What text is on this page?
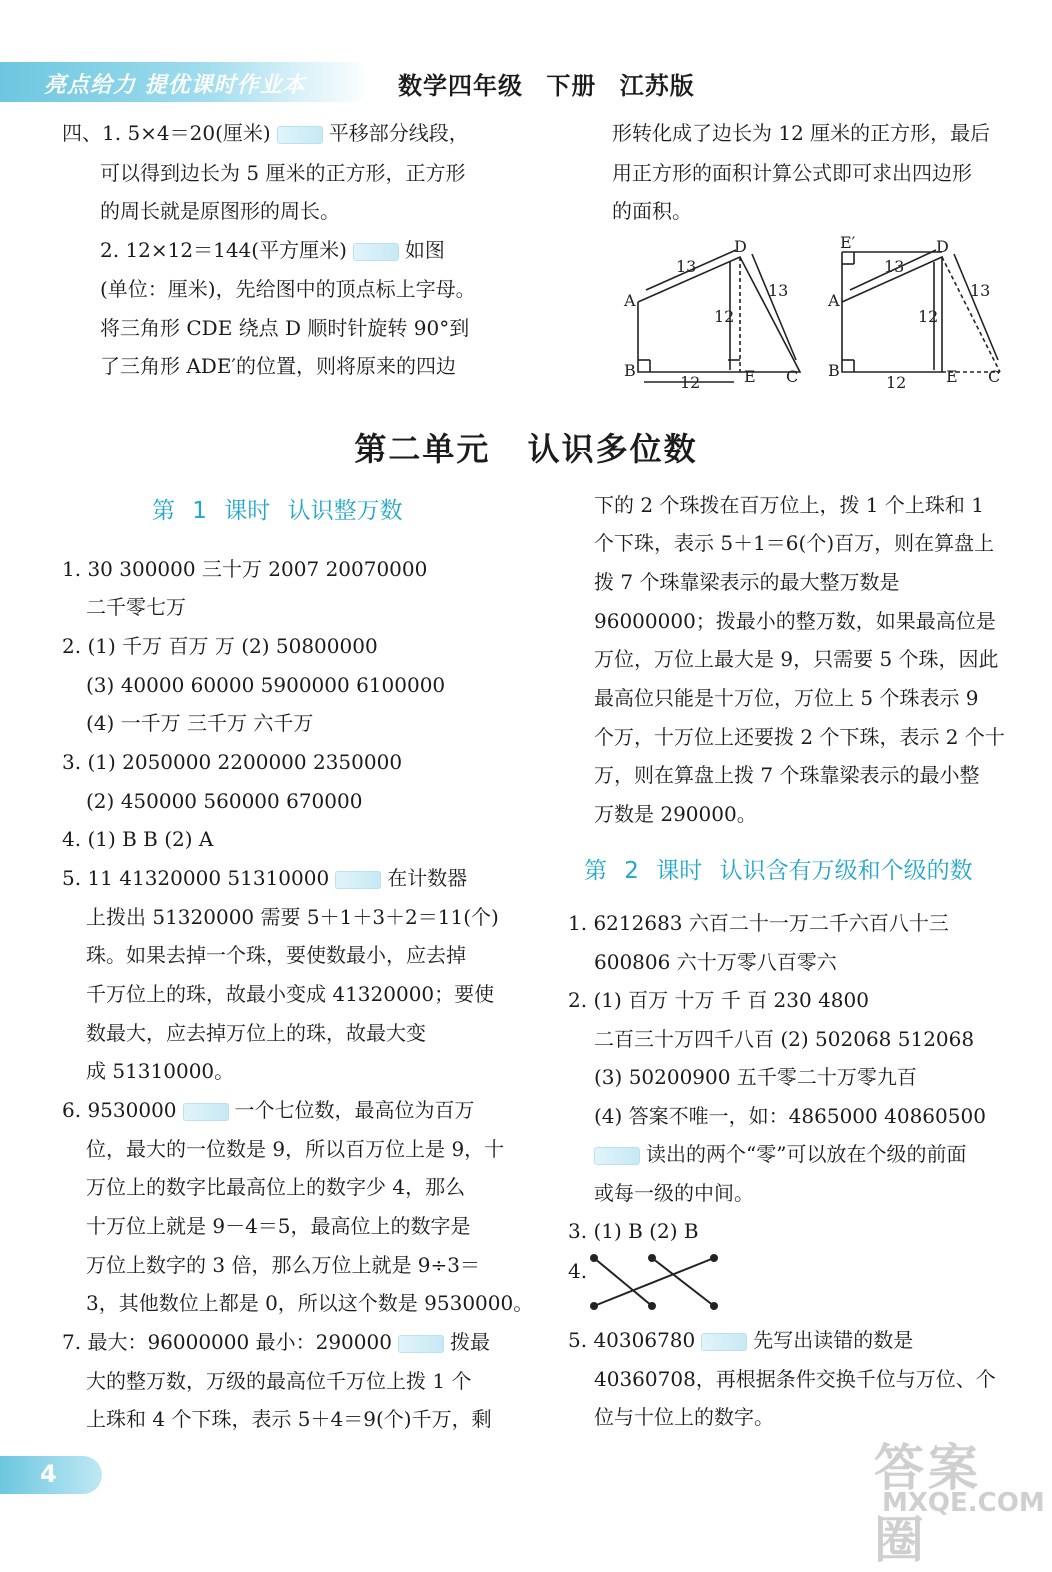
亮点给力 提优课时作业本	数学四年级 下册 江苏版
四、1. 5×4＝20(厘米)	平移部分线段，
可以得到边长为 5 厘米的正方形，正方形
的周长就是原图形的周长。
2. 12×12＝144(平方厘米)	如图
(单位：厘米)，先给图中的顶点标上字母。
将三角形 CDE 绕点 D 顺时针旋转 90°到
了三角形 ADE′的位置，则将原来的四边
形转化成了边长为 12 厘米的正方形，最后
用正方形的面积计算公式即可求出四边形
的面积。
A
B
D
E C
13
12
12
13
A
B
E′	D
E C
13
12
12
13
第二单元 认识多位数
第 1 课时 认识整万数
1. 30 300000 三十万 2007 20070000
二千零七万
2. (1) 千万 百万 万 (2) 50800000
(3) 40000 60000 5900000 6100000
(4) 一千万 三千万 六千万
3. (1) 2050000 2200000 2350000
(2) 450000 560000 670000
4. (1) B B (2) A
5. 11 41320000 51310000	在计数器
上拨出 51320000 需要 5＋1＋3＋2＝11(个)
珠。如果去掉一个珠，要使数最小，应去掉
千万位上的珠，故最小变成 41320000；要使
数最大，应去掉万位上的珠，故最大变
成 51310000。
6. 9530000	一个七位数，最高位为百万
位，最大的一位数是 9，所以百万位上是 9，十
万位上的数字比最高位上的数字少 4，那么
十万位上就是 9－4＝5，最高位上的数字是
万位上数字的 3 倍，那么万位上就是 9÷3＝
3，其他数位上都是 0，所以这个数是 9530000。
7. 最大：96000000 最小：290000	拨最
大的整万数，万级的最高位千万位上拨 1 个
上珠和 4 个下珠，表示 5＋4＝9(个)千万，剩
下的 2 个珠拨在百万位上，拨 1 个上珠和 1
个下珠，表示 5＋1＝6(个)百万，则在算盘上
拨 7 个珠靠梁表示的最大整万数是
96000000；拨最小的整万数，如果最高位是
万位，万位上最大是 9，只需要 5 个珠，因此
最高位只能是十万位，万位上 5 个珠表示 9
个万，十万位上还要拨 2 个下珠，表示 2 个十
万，则在算盘上拨 7 个珠靠梁表示的最小整
万数是 290000。
第 2 课时 认识含有万级和个级的数
1. 6212683 六百二十一万二千六百八十三
600806 六十万零八百零六
2. (1) 百万 十万 千 百 230 4800
二百三十万四千八百 (2) 502068 512068
(3) 50200900 五千零二十万零九百
(4) 答案不唯一，如：4865000 40860500
读出的两个“零”可以放在个级的前面
或每一级的中间。
3. (1) B (2) B
4.
5. 40306780	先写出读错的数是
40360708，再根据条件交换千位与万位、个
位与十位上的数字。
4	答案圈
MXQE.COM
